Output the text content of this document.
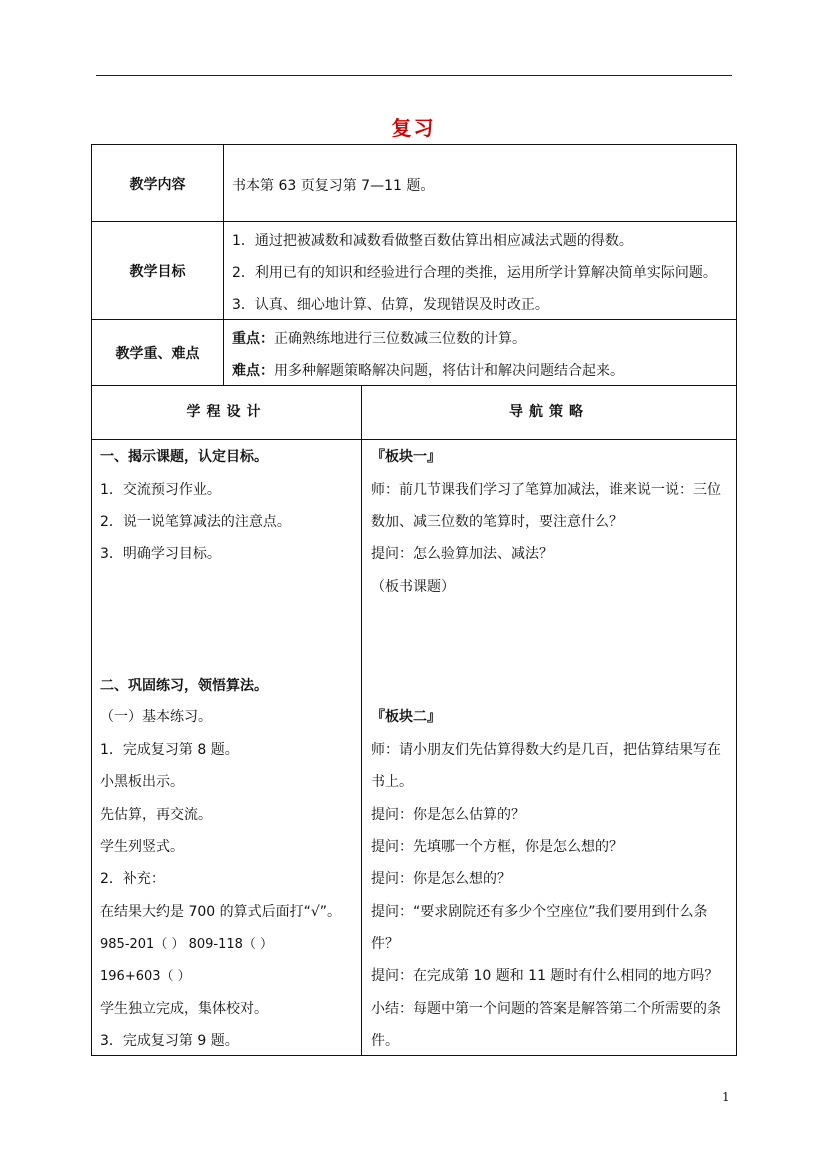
复习
教学内容	书本第 63 页复习第 7—11 题。
教学目标
1．通过把被减数和减数看做整百数估算出相应减法式题的得数。
2．利用已有的知识和经验进行合理的类推，运用所学计算解决简单实际问题。
3．认真、细心地计算、估算，发现错误及时改正。
教学重、难点
重点：正确熟练地进行三位数减三位数的计算。
难点：用多种解题策略解决问题，将估计和解决问题结合起来。
学程设计	导航策略
一、揭示课题，认定目标。
1．交流预习作业。
2．说一说笔算减法的注意点。
3．明确学习目标。
二、巩固练习，领悟算法。
（一）基本练习。
1．完成复习第 8 题。
小黑板出示。
先估算，再交流。
学生列竖式。
2．补充：
在结果大约是 700 的算式后面打“√”。
985-201（ ） 809-118（ ）
196+603（ ）
学生独立完成，集体校对。
3．完成复习第 9 题。
『板块一』
师：前几节课我们学习了笔算加减法，谁来说一说：三位
数加、减三位数的笔算时，要注意什么？
提问：怎么验算加法、减法？
（板书课题）
『板块二』
师：请小朋友们先估算得数大约是几百，把估算结果写在
书上。
提问：你是怎么估算的？
提问：先填哪一个方框，你是怎么想的？
提问：你是怎么想的？
提问：“要求剧院还有多少个空座位”我们要用到什么条
件？
提问：在完成第 10 题和 11 题时有什么相同的地方吗？
小结：每题中第一个问题的答案是解答第二个所需要的条
件。
1
